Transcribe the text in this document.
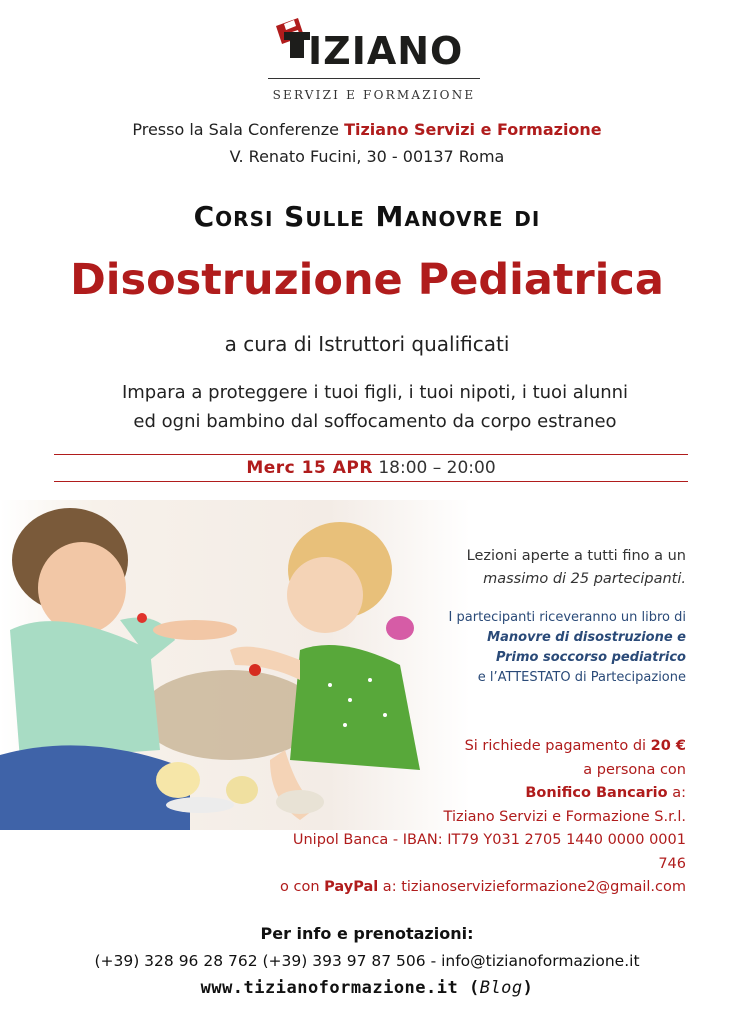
IZIANO
SERVIZI E FORMAZIONE
Presso la Sala Conferenze Tiziano Servizi e Formazione
V. Renato Fucini, 30 - 00137 Roma
Corsi Sulle Manovre di
Disostruzione Pediatrica
a cura di Istruttori qualificati
Impara a proteggere i tuoi figli, i tuoi nipoti, i tuoi alunni
ed ogni bambino dal soffocamento da corpo estraneo
Merc 15 APR 18:00 – 20:00
Lezioni aperte a tutti fino a un
massimo di 25 partecipanti.
I partecipanti riceveranno un libro di
Manovre di disostruzione e
Primo soccorso pediatrico
e l’ATTESTATO di Partecipazione
Si richiede pagamento di 20 €
a persona con
Bonifico Bancario a:
Tiziano Servizi e Formazione S.r.l.
Unipol Banca - IBAN: IT79 Y031 2705 1440 0000 0001 746
o con PayPal a: tizianoservizieformazione2@gmail.com
Per info e prenotazioni:
(+39) 328 96 28 762 (+39) 393 97 87 506 - info@tizianoformazione.it
www.tizianoformazione.it (Blog)
